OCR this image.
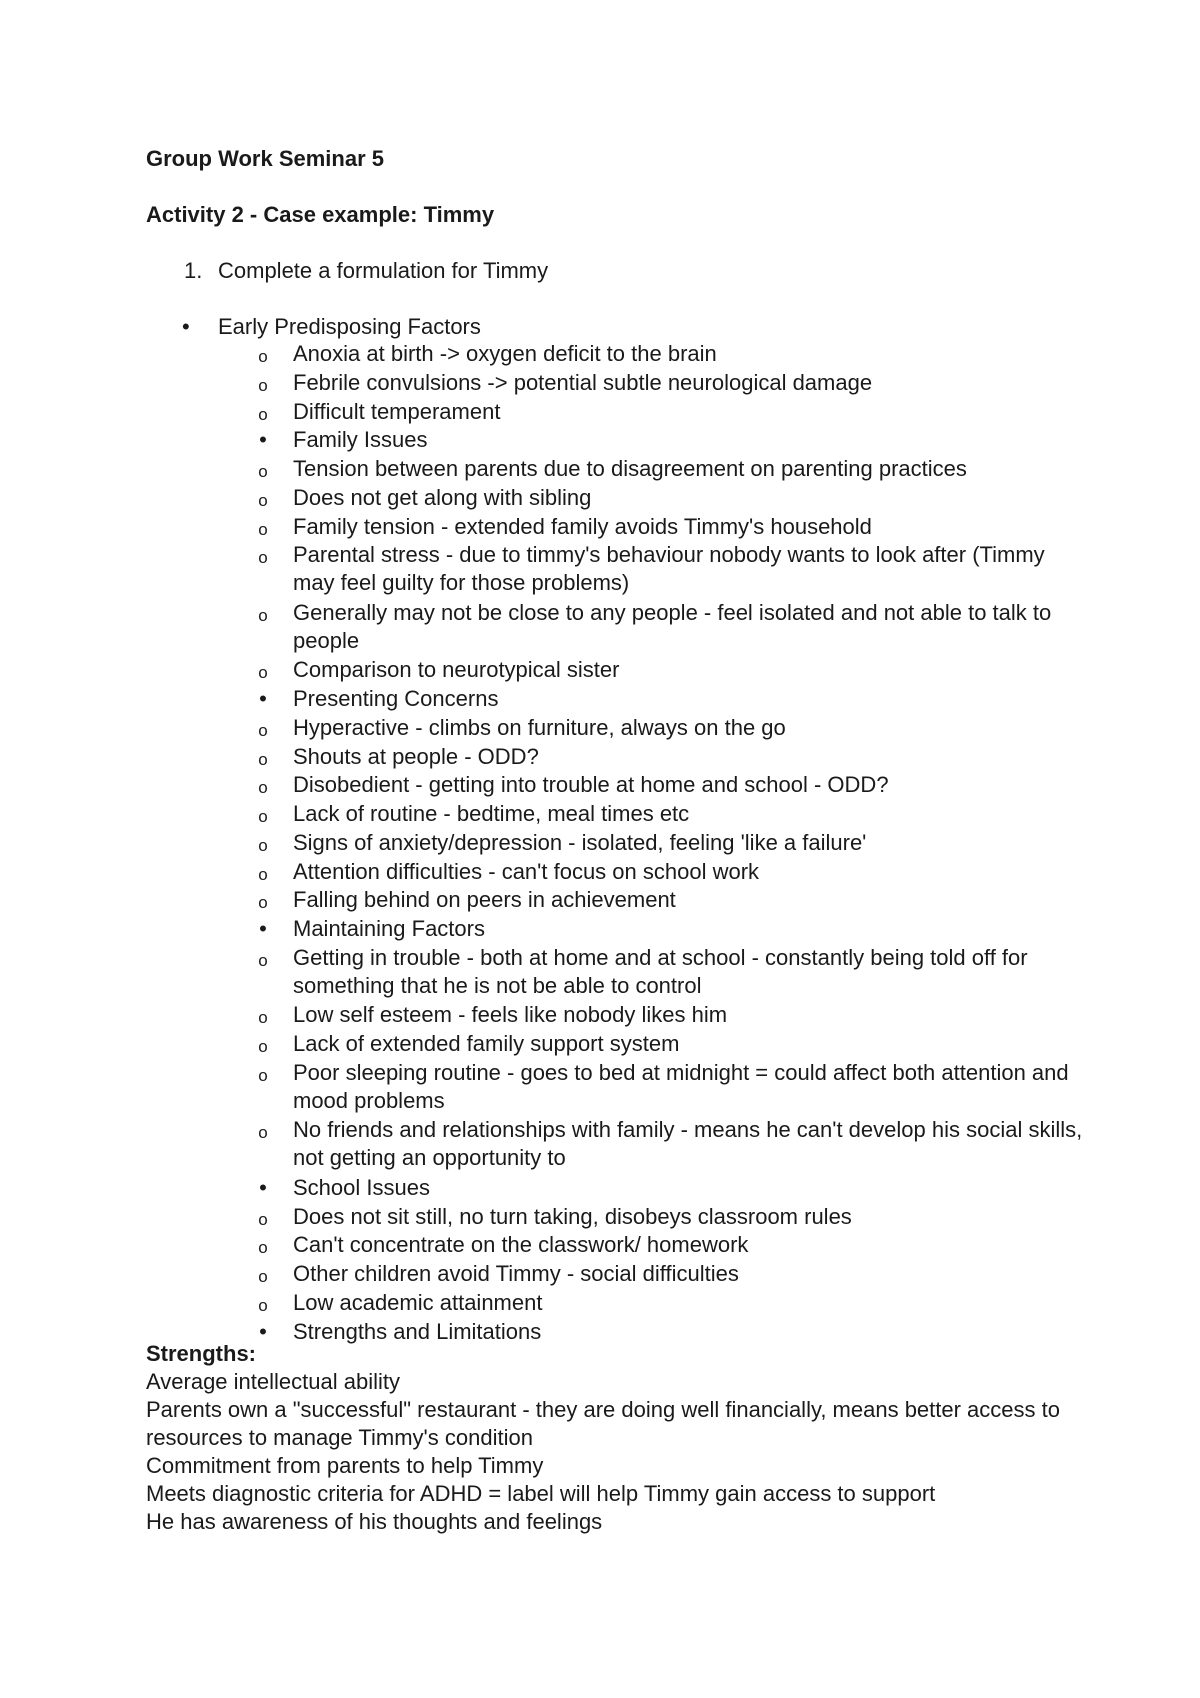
Group Work Seminar 5
Activity 2 - Case example: Timmy
1. Complete a formulation for Timmy
• Early Predisposing Factors
o Anoxia at birth -> oxygen deficit to the brain
o Febrile convulsions -> potential subtle neurological damage
o Difficult temperament
• Family Issues
o Tension between parents due to disagreement on parenting practices
o Does not get along with sibling
o Family tension - extended family avoids Timmy's household
o Parental stress - due to timmy's behaviour nobody wants to look after (Timmy may feel guilty for those problems)
o Generally may not be close to any people - feel isolated and not able to talk to people
o Comparison to neurotypical sister
• Presenting Concerns
o Hyperactive - climbs on furniture, always on the go
o Shouts at people - ODD?
o Disobedient - getting into trouble at home and school - ODD?
o Lack of routine - bedtime, meal times etc
o Signs of anxiety/depression - isolated, feeling 'like a failure'
o Attention difficulties - can't focus on school work
o Falling behind on peers in achievement
• Maintaining Factors
o Getting in trouble - both at home and at school - constantly being told off for something that he is not be able to control
o Low self esteem - feels like nobody likes him
o Lack of extended family support system
o Poor sleeping routine - goes to bed at midnight = could affect both attention and mood problems
o No friends and relationships with family - means he can't develop his social skills, not getting an opportunity to
• School Issues
o Does not sit still, no turn taking, disobeys classroom rules
o Can't concentrate on the classwork/ homework
o Other children avoid Timmy - social difficulties
o Low academic attainment
• Strengths and Limitations
Strengths:
Average intellectual ability
Parents own a "successful" restaurant - they are doing well financially, means better access to resources to manage Timmy's condition
Commitment from parents to help Timmy
Meets diagnostic criteria for ADHD = label will help Timmy gain access to support
He has awareness of his thoughts and feelings
